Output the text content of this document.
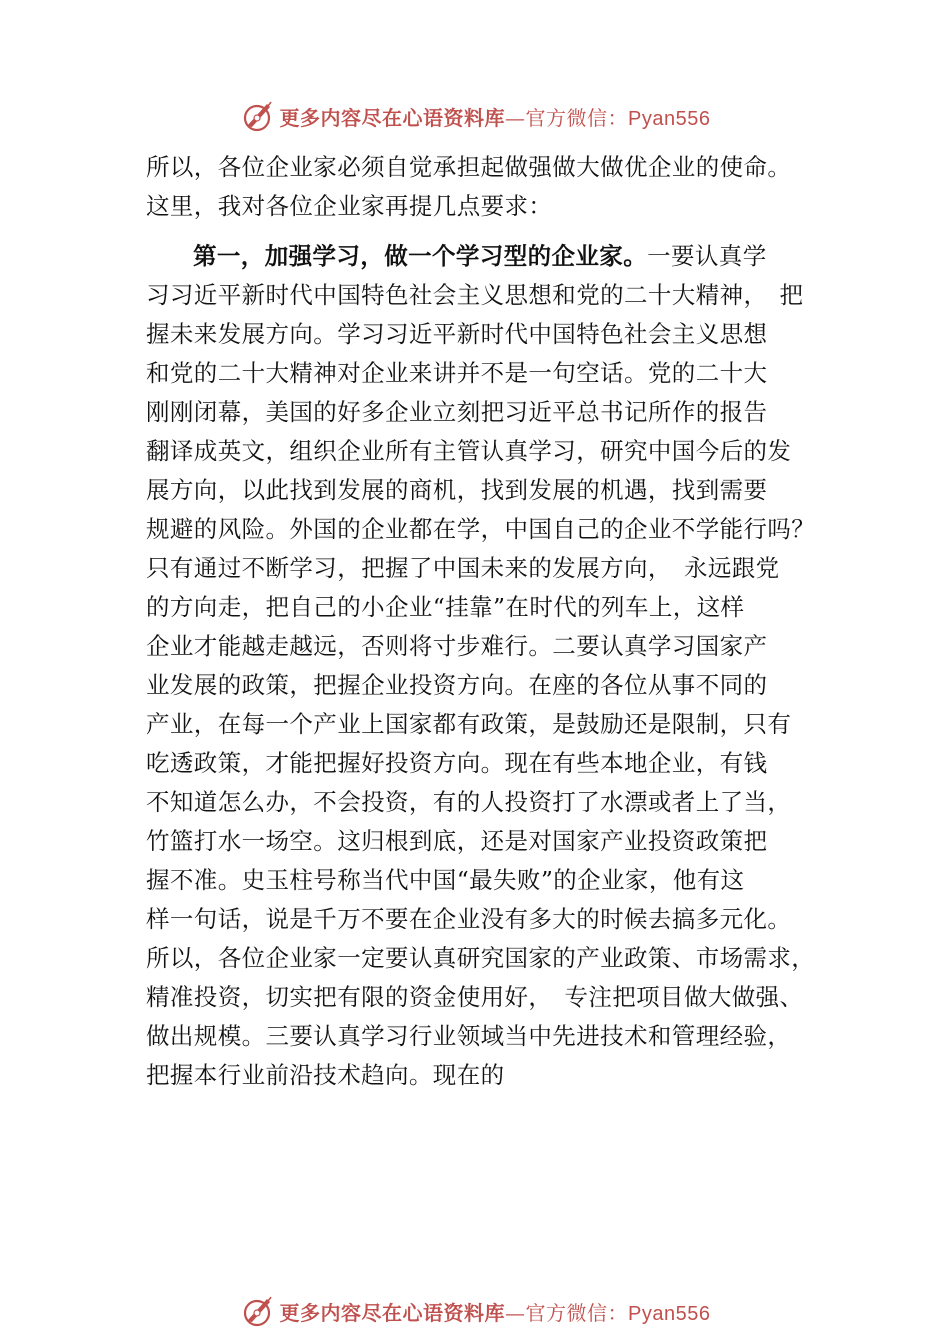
更多内容尽在心语资料库—官方微信：Pyan556
所以，各位企业家必须自觉承担起做强做大做优企业的使命。
这里，我对各位企业家再提几点要求：
第一，加强学习，做一个学习型的企业家。一要认真学
习习近平新时代中国特色社会主义思想和党的二十大精神，　把
握未来发展方向。学习习近平新时代中国特色社会主义思想
和党的二十大精神对企业来讲并不是一句空话。党的二十大
刚刚闭幕，美国的好多企业立刻把习近平总书记所作的报告
翻译成英文，组织企业所有主管认真学习，研究中国今后的发
展方向，以此找到发展的商机，找到发展的机遇，找到需要
规避的风险。外国的企业都在学，中国自己的企业不学能行吗？
只有通过不断学习，把握了中国未来的发展方向，　永远跟党
的方向走，把自己的小企业“挂靠”在时代的列车上，这样
企业才能越走越远，否则将寸步难行。二要认真学习国家产
业发展的政策，把握企业投资方向。在座的各位从事不同的
产业，在每一个产业上国家都有政策，是鼓励还是限制，只有
吃透政策，才能把握好投资方向。现在有些本地企业，有钱
不知道怎么办，不会投资，有的人投资打了水漂或者上了当，
竹篮打水一场空。这归根到底，还是对国家产业投资政策把
握不准。史玉柱号称当代中国“最失败”的企业家，他有这
样一句话，说是千万不要在企业没有多大的时候去搞多元化。
所以，各位企业家一定要认真研究国家的产业政策、市场需求，
精准投资，切实把有限的资金使用好，　专注把项目做大做强、
做出规模。三要认真学习行业领域当中先进技术和管理经验，
把握本行业前沿技术趋向。现在的
更多内容尽在心语资料库—官方微信：Pyan556
